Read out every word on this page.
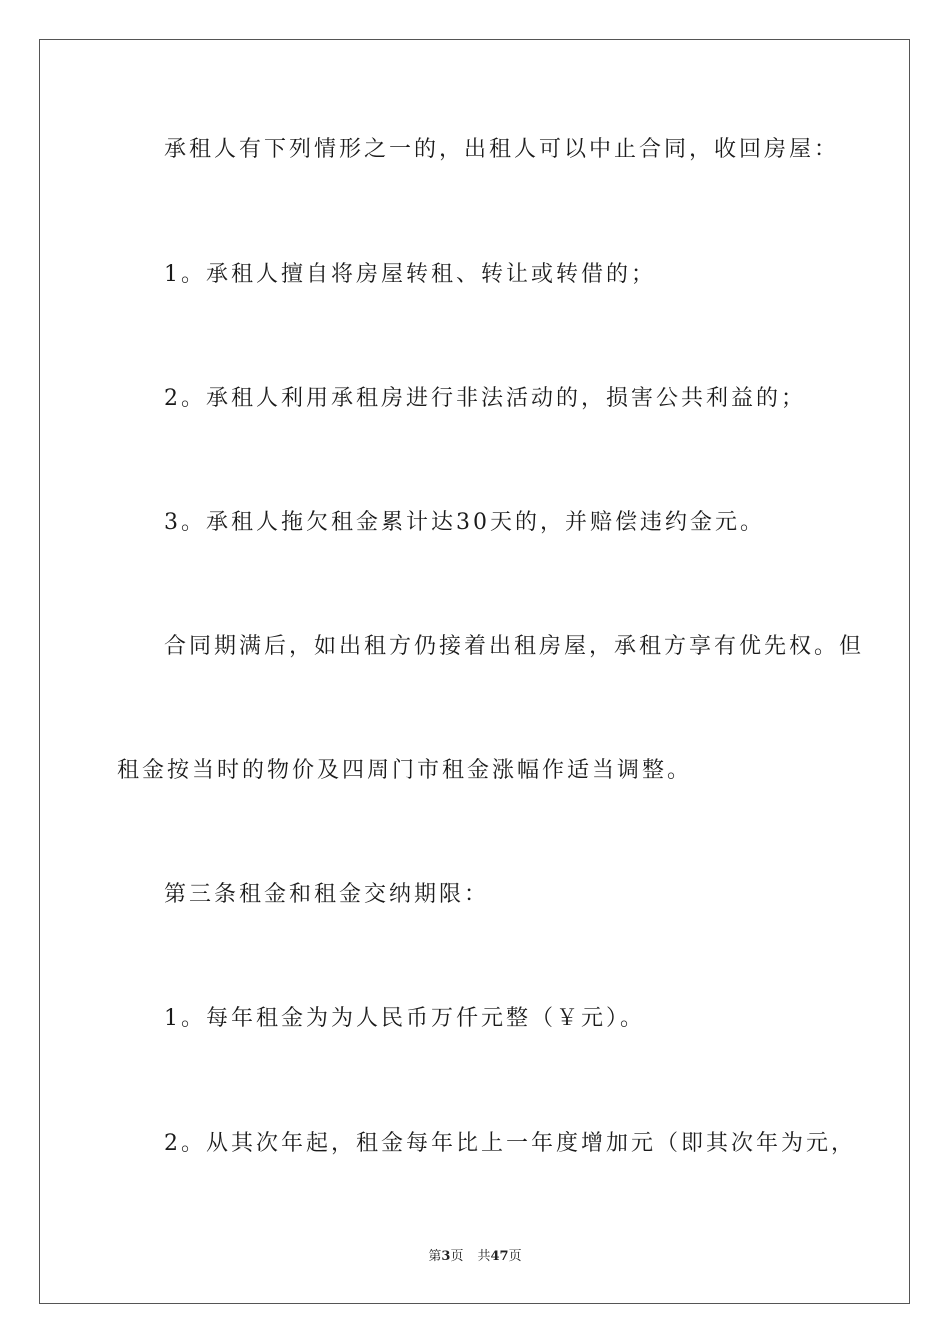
承租人有下列情形之一的，出租人可以中止合同，收回房屋：
1。承租人擅自将房屋转租、转让或转借的；
2。承租人利用承租房进行非法活动的，损害公共利益的；
3。承租人拖欠租金累计达30天的，并赔偿违约金元。
合同期满后，如出租方仍接着出租房屋，承租方享有优先权。但
租金按当时的物价及四周门市租金涨幅作适当调整。
第三条租金和租金交纳期限：
1。每年租金为为人民币万仟元整（￥元）。
2。从其次年起，租金每年比上一年度增加元（即其次年为元，
第3页 共47页
